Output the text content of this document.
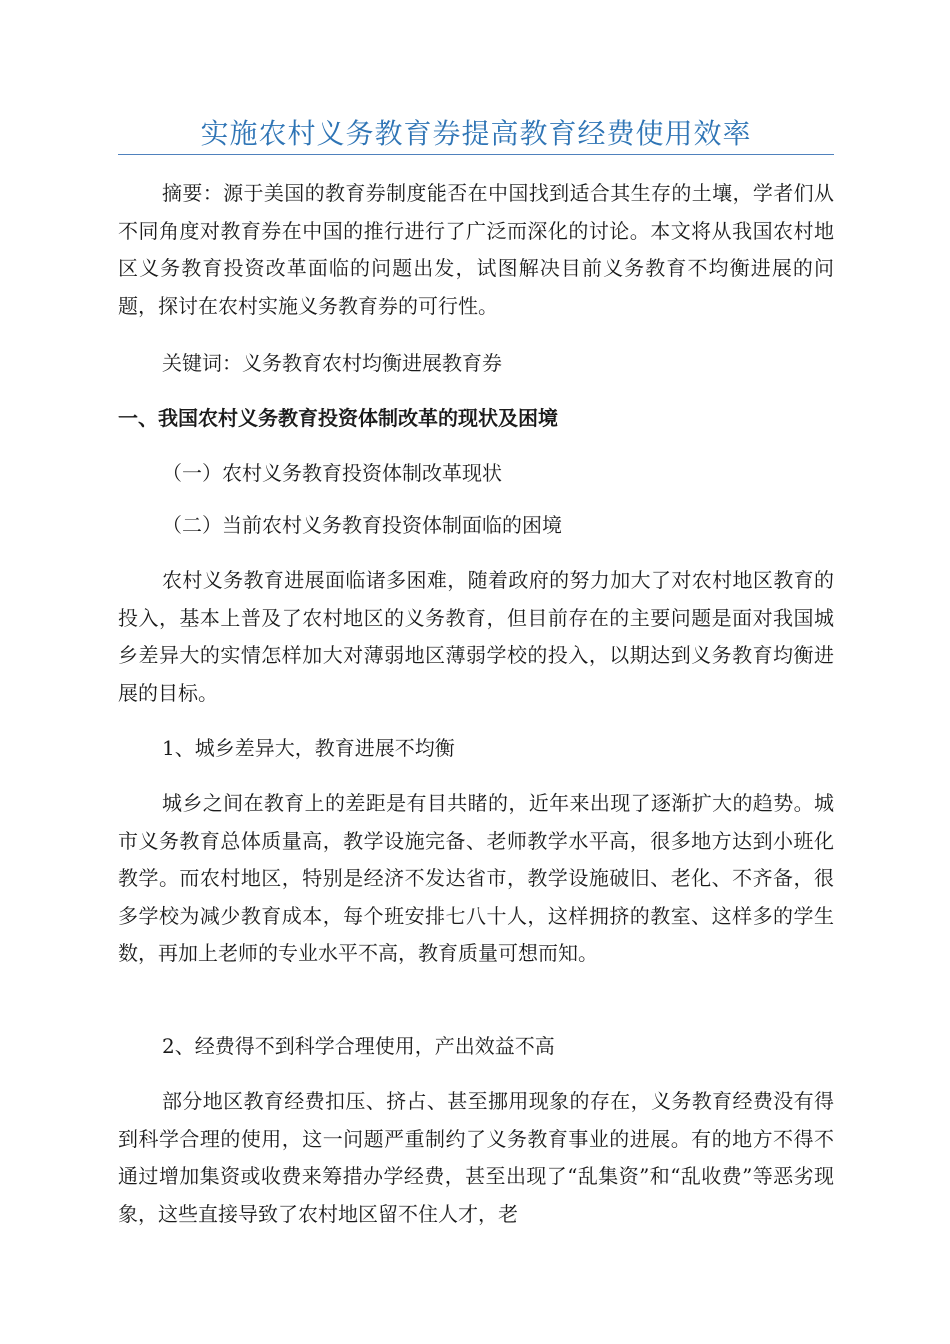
实施农村义务教育券提高教育经费使用效率
摘要：源于美国的教育券制度能否在中国找到适合其生存的土壤，学者们从不同角度对教育券在中国的推行进行了广泛而深化的讨论。本文将从我国农村地区义务教育投资改革面临的问题出发，试图解决目前义务教育不均衡进展的问题，探讨在农村实施义务教育券的可行性。
关键词：义务教育农村均衡进展教育券
一、我国农村义务教育投资体制改革的现状及困境
（一）农村义务教育投资体制改革现状
（二）当前农村义务教育投资体制面临的困境
农村义务教育进展面临诸多困难，随着政府的努力加大了对农村地区教育的投入，基本上普及了农村地区的义务教育，但目前存在的主要问题是面对我国城乡差异大的实情怎样加大对薄弱地区薄弱学校的投入，以期达到义务教育均衡进展的目标。
1、城乡差异大，教育进展不均衡
城乡之间在教育上的差距是有目共睹的，近年来出现了逐渐扩大的趋势。城市义务教育总体质量高，教学设施完备、老师教学水平高，很多地方达到小班化教学。而农村地区，特别是经济不发达省市，教学设施破旧、老化、不齐备，很多学校为减少教育成本，每个班安排七八十人，这样拥挤的教室、这样多的学生数，再加上老师的专业水平不高，教育质量可想而知。
2、经费得不到科学合理使用，产出效益不高
部分地区教育经费扣压、挤占、甚至挪用现象的存在，义务教育经费没有得到科学合理的使用，这一问题严重制约了义务教育事业的进展。有的地方不得不通过增加集资或收费来筹措办学经费，甚至出现了“乱集资”和“乱收费”等恶劣现象，这些直接导致了农村地区留不住人才，老
